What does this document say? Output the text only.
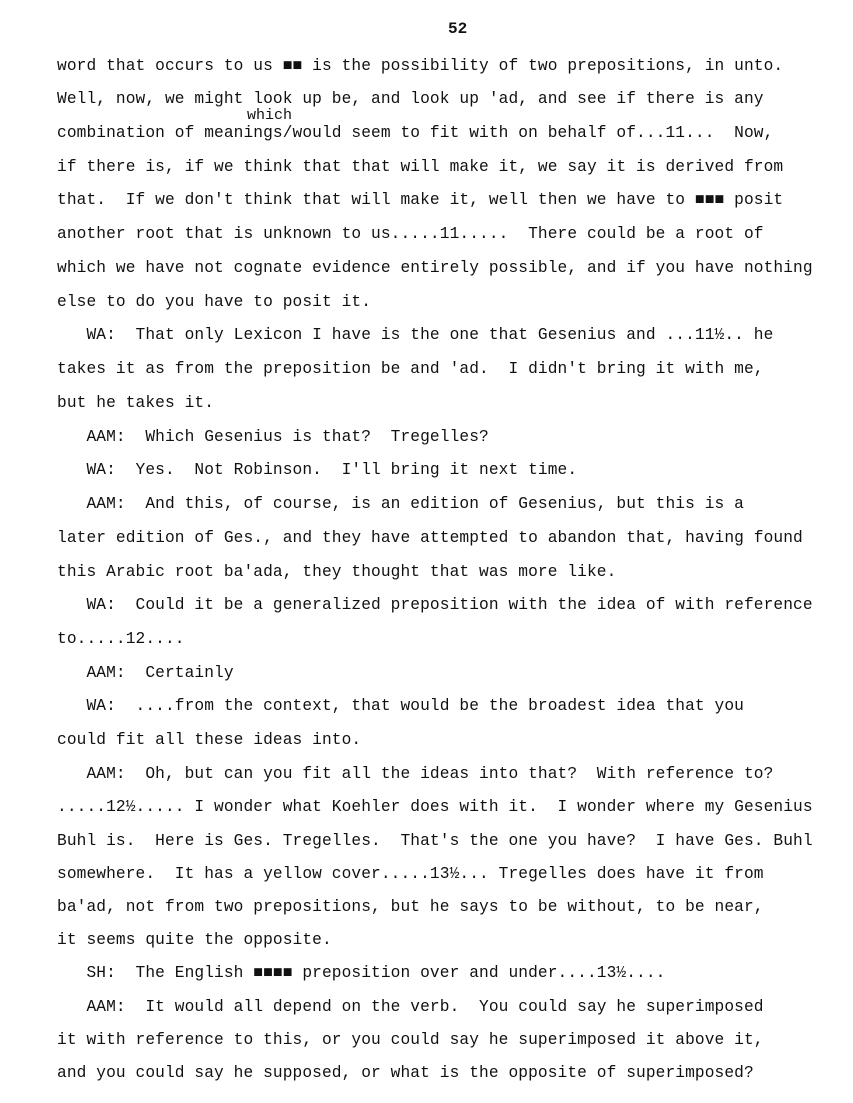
52
which
word that occurs to us ■■ is the possibility of two prepositions, in unto.
Well, now, we might look up be, and look up 'ad, and see if there is any
combination of meanings/would seem to fit with on behalf of...11...  Now,
if there is, if we think that that will make it, we say it is derived from
that.  If we don't think that will make it, well then we have to ■■■ posit
another root that is unknown to us.....11.....  There could be a root of
which we have not cognate evidence entirely possible, and if you have nothing
else to do you have to posit it.
WA:  That only Lexicon I have is the one that Gesenius and ...11½.. he
takes it as from the preposition be and 'ad.  I didn't bring it with me,
but he takes it.
AAM:  Which Gesenius is that?  Tregelles?
WA:  Yes.  Not Robinson.  I'll bring it next time.
AAM:  And this, of course, is an edition of Gesenius, but this is a
later edition of Ges., and they have attempted to abandon that, having found
this Arabic root ba'ada, they thought that was more like.
WA:  Could it be a generalized preposition with the idea of with reference
to.....12....
AAM:  Certainly
WA:  ....from the context, that would be the broadest idea that you
could fit all these ideas into.
AAM:  Oh, but can you fit all the ideas into that?  With reference to?
.....12½..... I wonder what Koehler does with it.  I wonder where my Gesenius
Buhl is.  Here is Ges. Tregelles.  That's the one you have?  I have Ges. Buhl
somewhere.  It has a yellow cover.....13½... Tregelles does have it from
ba'ad, not from two prepositions, but he says to be without, to be near,
it seems quite the opposite.
SH:  The English ■■■■ preposition over and under....13½....
AAM:  It would all depend on the verb.  You could say he superimposed
it with reference to this, or you could say he superimposed it above it,
and you could say he supposed, or what is the opposite of superimposed?
